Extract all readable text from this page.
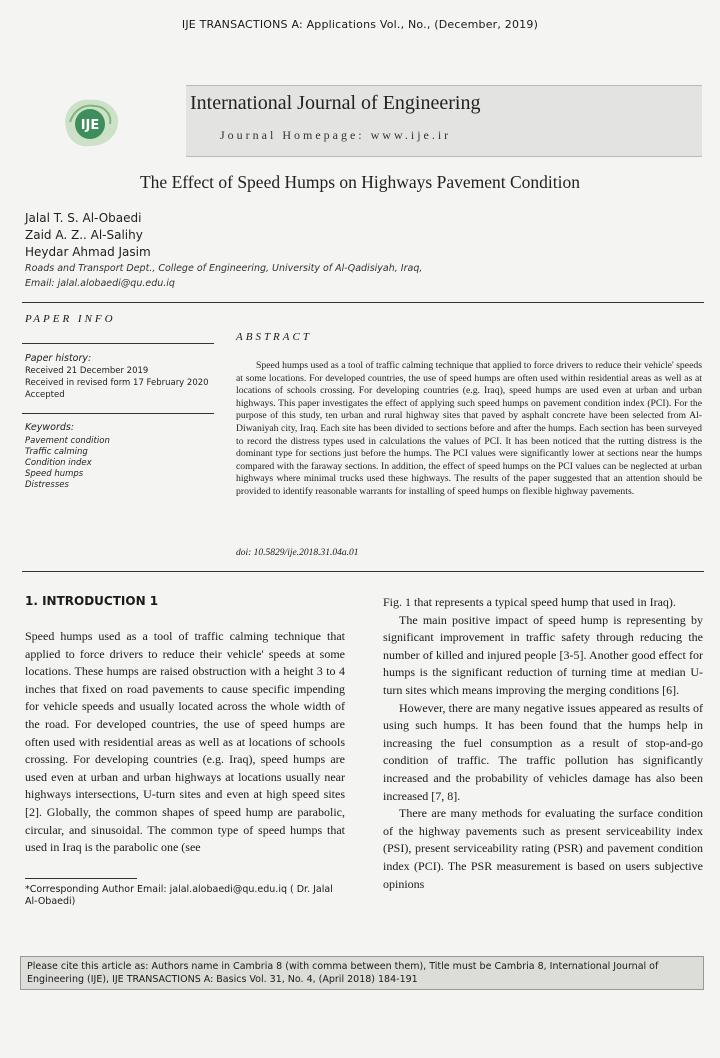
IJE TRANSACTIONS A: Applications Vol., No., (December, 2019)
IJE
International Journal of Engineering
Journal Homepage: www.ije.ir
The Effect of Speed Humps on Highways Pavement Condition
Jalal T. S. Al-Obaedi
Zaid A. Z.. Al-Salihy
Heydar Ahmad Jasim
Roads and Transport Dept., College of Engineering, University of Al-Qadisiyah, Iraq,
Email: jalal.alobaedi@qu.edu.iq
PAPER INFO
ABSTRACT
Paper history:
Received 21 December 2019
Received in revised form 17 February 2020
Accepted
Keywords:
Pavement condition
Traffic calming
Condition index
Speed humps
Distresses

Speed humps used as a tool of traffic calming technique that applied to force drivers to reduce their vehicle' speeds at some locations. For developed countries, the use of speed humps are often used within residential areas as well as at locations of schools crossing. For developing countries (e.g. Iraq), speed humps are used even at urban and urban highways. This paper investigates the effect of applying such speed humps on pavement condition index (PCI). For the purpose of this study, ten urban and rural highway sites that paved by asphalt concrete have been selected from Al-Diwaniyah city, Iraq. Each site has been divided to sections before and after the humps. Each section has been surveyed to record the distress types used in calculations the values of PCI. It has been noticed that the rutting distress is the dominant type for sections just before the humps. The PCI values were significantly lower at sections near the humps compared with the faraway sections. In addition, the effect of speed humps on the PCI values can be neglected at urban highways where minimal trucks used these highways. The results of the paper suggested that an attention should be provided to identify reasonable warrants for installing of speed humps on flexible highway pavements.

doi: 10.5829/ije.2018.31.04a.01
1. INTRODUCTION 1

Speed humps used as a tool of traffic calming technique that applied to force drivers to reduce their vehicle' speeds at some locations. These humps are raised obstruction with a height 3 to 4 inches that fixed on road pavements to cause specific impending for vehicle speeds and usually located across the whole width of the road. For developed countries, the use of speed humps are often used with residential areas as well as at locations of schools crossing. For developing countries (e.g. Iraq), speed humps are used even at urban and urban highways at locations usually near highways intersections, U-turn sites and even at high speed sites [2]. Globally, the common shapes of speed hump are parabolic, circular, and sinusoidal. The common type of speed humps that used in Iraq is the parabolic one (see

*Corresponding Author Email: jalal.alobaedi@qu.edu.iq ( Dr. Jalal Al-Obaedi)

Fig. 1 that represents a typical speed hump that used in Iraq).

The main positive impact of speed hump is representing by significant improvement in traffic safety through reducing the number of killed and injured people [3-5]. Another good effect for humps is the significant reduction of turning time at median U-turn sites which means improving the merging conditions [6].

However, there are many negative issues appeared as results of using such humps. It has been found that the humps help in increasing the fuel consumption as a result of stop-and-go condition of traffic. The traffic pollution has significantly increased and the probability of vehicles damage has also been increased [7, 8].

There are many methods for evaluating the surface condition of the highway pavements such as present serviceability index (PSI), present serviceability rating (PSR) and pavement condition index (PCI). The PSR measurement is based on users subjective opinions

Please cite this article as: Authors name in Cambria 8 (with comma between them), Title must be Cambria 8, International Journal of Engineering (IJE), IJE TRANSACTIONS A: Basics Vol. 31, No. 4, (April 2018) 184-191
